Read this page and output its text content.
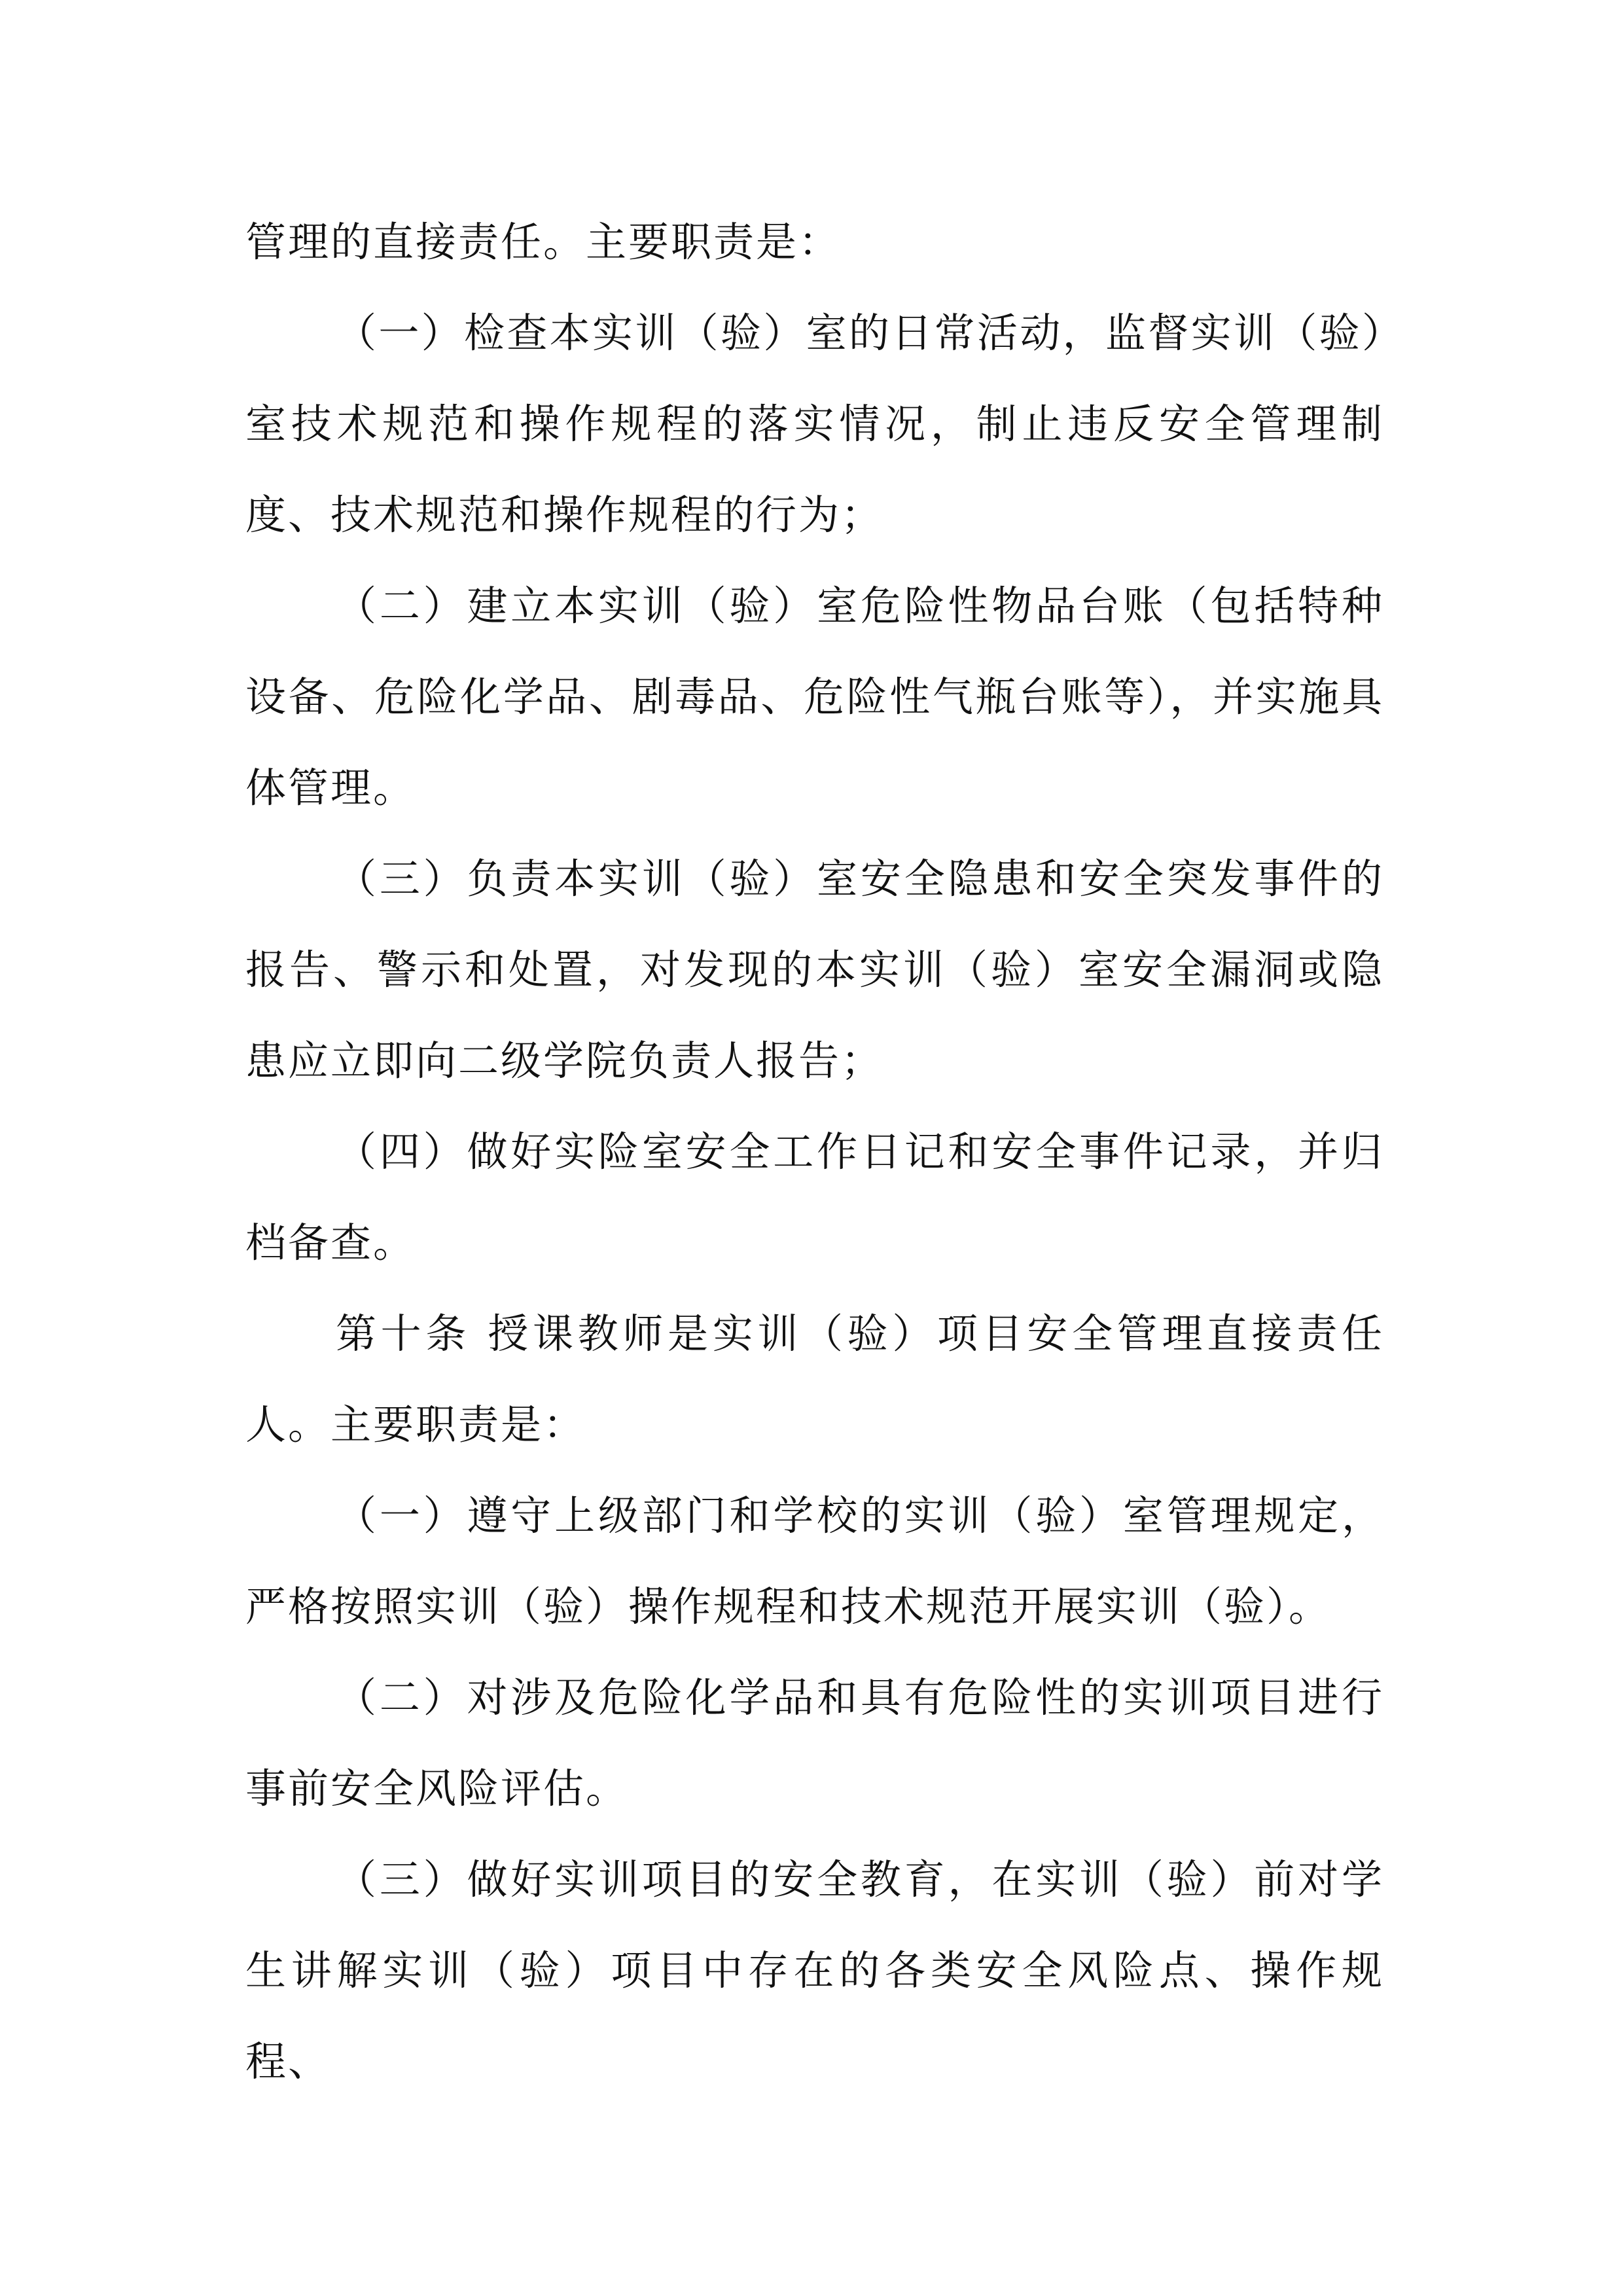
管理的直接责任。主要职责是：

（一）检查本实训（验）室的日常活动，监督实训（验）室技术规范和操作规程的落实情况，制止违反安全管理制度、技术规范和操作规程的行为；

（二）建立本实训（验）室危险性物品台账（包括特种设备、危险化学品、剧毒品、危险性气瓶台账等），并实施具体管理。

（三）负责本实训（验）室安全隐患和安全突发事件的报告、警示和处置，对发现的本实训（验）室安全漏洞或隐患应立即向二级学院负责人报告；

（四）做好实险室安全工作日记和安全事件记录，并归档备查。

第十条 授课教师是实训（验）项目安全管理直接责任人。主要职责是：

（一）遵守上级部门和学校的实训（验）室管理规定，严格按照实训（验）操作规程和技术规范开展实训（验）。

（二）对涉及危险化学品和具有危险性的实训项目进行事前安全风险评估。

（三）做好实训项目的安全教育，在实训（验）前对学生讲解实训（验）项目中存在的各类安全风险点、操作规程、
